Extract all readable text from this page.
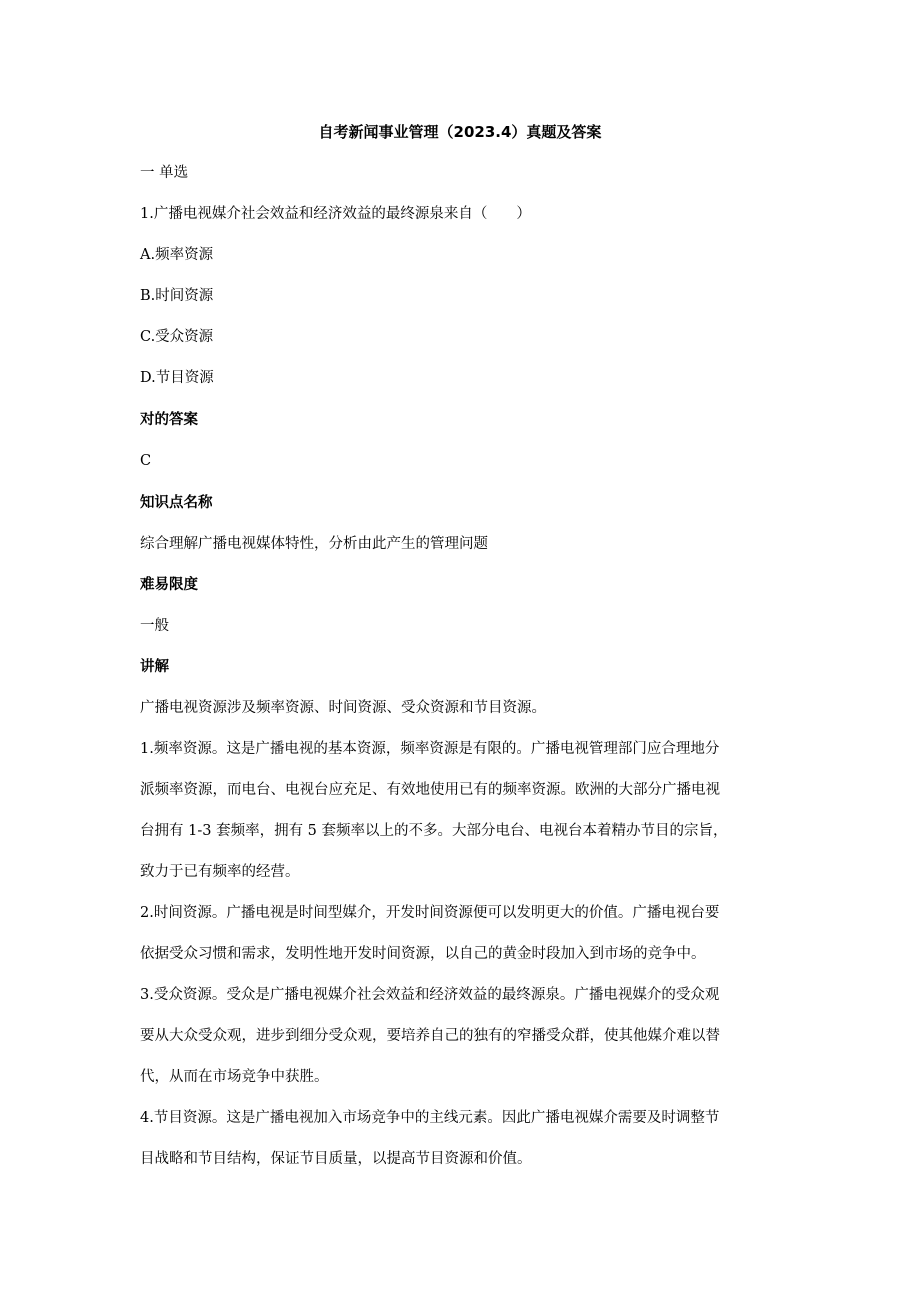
自考新闻事业管理（2023.4）真题及答案
一 单选
1.广播电视媒介社会效益和经济效益的最终源泉来自（　　）
A.频率资源
B.时间资源
C.受众资源
D.节目资源
对的答案
C
知识点名称
综合理解广播电视媒体特性，分析由此产生的管理问题
难易限度
一般
讲解
广播电视资源涉及频率资源、时间资源、受众资源和节目资源。
1.频率资源。这是广播电视的基本资源，频率资源是有限的。广播电视管理部门应合理地分
派频率资源，而电台、电视台应充足、有效地使用已有的频率资源。欧洲的大部分广播电视
台拥有 1-3 套频率，拥有 5 套频率以上的不多。大部分电台、电视台本着精办节目的宗旨，
致力于已有频率的经营。
2.时间资源。广播电视是时间型媒介，开发时间资源便可以发明更大的价值。广播电视台要
依据受众习惯和需求，发明性地开发时间资源，以自己的黄金时段加入到市场的竞争中。
3.受众资源。受众是广播电视媒介社会效益和经济效益的最终源泉。广播电视媒介的受众观
要从大众受众观，进步到细分受众观，要培养自己的独有的窄播受众群，使其他媒介难以替
代，从而在市场竞争中获胜。
4.节目资源。这是广播电视加入市场竞争中的主线元素。因此广播电视媒介需要及时调整节
目战略和节目结构，保证节目质量，以提高节目资源和价值。
